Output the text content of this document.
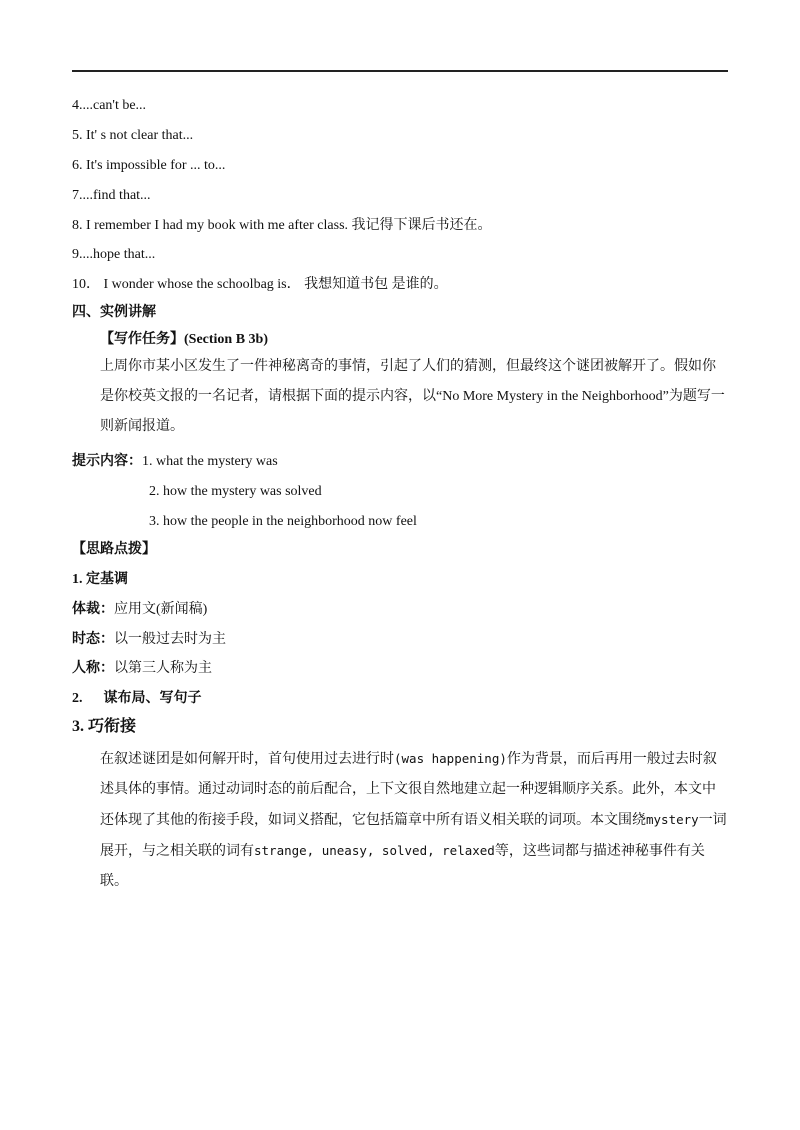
4....can't be...
5. It' s not clear that...
6. It's impossible for ... to...
7....find that...
8. I remember I had my book with me after class. 我记得下课后书还在。
9....hope that...
10． I wonder whose the schoolbag is． 我想知道书包 是谁的。
四、实例讲解
【写作任务】(Section B 3b)
上周你市某小区发生了一件神秘离奇的事情，引起了人们的猜测，但最终这个谜团被解开了。假如你是你校英文报的一名记者，请根据下面的提示内容，以“No More Mystery in the Neighborhood”为题写一则新闻报道。
提示内容：1. what the mystery was
2. how the mystery was solved
3. how the people in the neighborhood now feel
【思路点拨】
1. 定基调
体裁：应用文(新闻稿)
时态：以一般过去时为主
人称：以第三人称为主
2.      谋布局、写句子
3. 巧衔接
在叙述谜团是如何解开时，首句使用过去进行时(was happening)作为背景，而后再用一般过去时叙述具体的事情。通过动词时态的前后配合，上下文很自然地建立起一种逻辑顺序关系。此外，本文中还体现了其他的衔接手段，如词义搭配，它包括篇章中所有语义相关联的词项。本文围绕mystery一词展开，与之相关联的词有strange, uneasy, solved, relaxed等，这些词都与描述神秘事件有关联。
